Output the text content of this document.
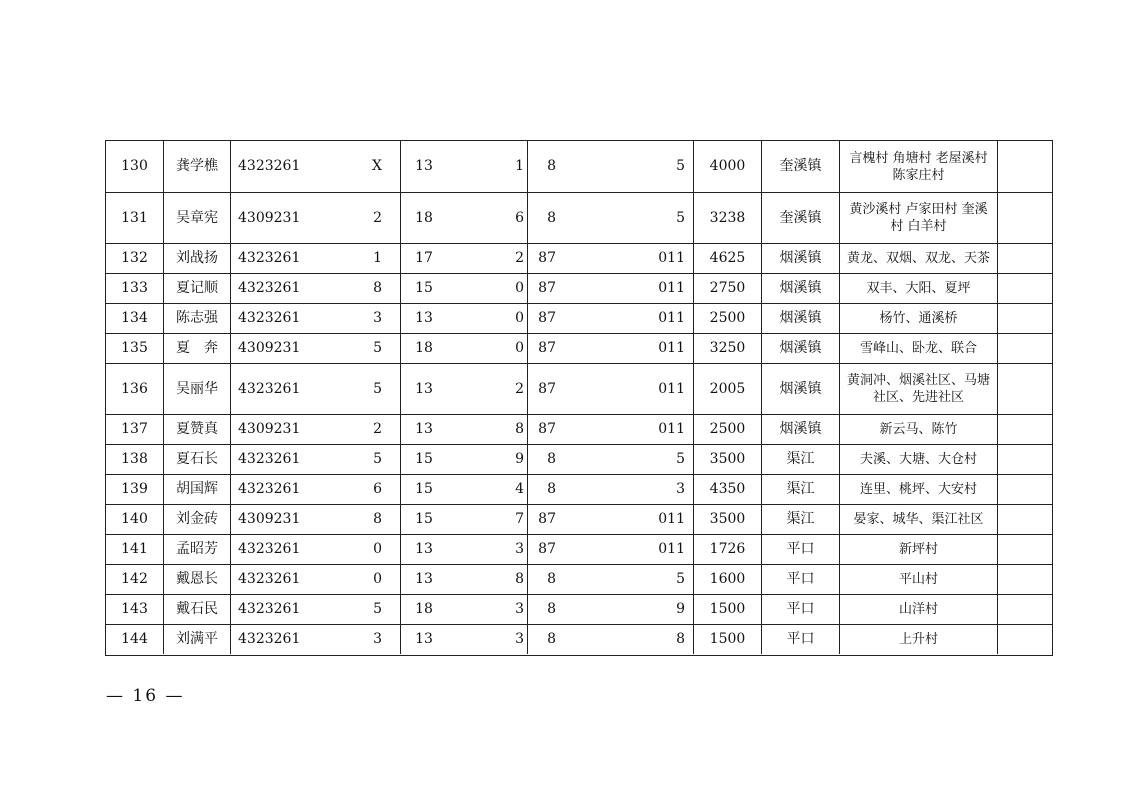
130	龚学樵	4323261	X	13	1	8	5	4000	奎溪镇	言槐村 角塘村 老屋溪村 陈家庄村
131	吴章宪	4309231	2	18	6	8	5	3238	奎溪镇	黄沙溪村 卢家田村 奎溪村 白羊村
132	刘战扬	4323261	1	17	2	87	011	4625	烟溪镇	黄龙、双烟、双龙、天茶
133	夏记顺	4323261	8	15	0	87	011	2750	烟溪镇	双丰、大阳、夏坪
134	陈志强	4323261	3	13	0	87	011	2500	烟溪镇	杨竹、通溪桥
135	夏　奔	4309231	5	18	0	87	011	3250	烟溪镇	雪峰山、卧龙、联合
136	吴丽华	4323261	5	13	2	87	011	2005	烟溪镇	黄洞冲、烟溪社区、马塘社区、先进社区
137	夏赞真	4309231	2	13	8	87	011	2500	烟溪镇	新云马、陈竹
138	夏石长	4323261	5	15	9	8	5	3500	渠江	夫溪、大塘、大仓村
139	胡国辉	4323261	6	15	4	8	3	4350	渠江	连里、桃坪、大安村
140	刘金砖	4309231	8	15	7	87	011	3500	渠江	晏家、城华、渠江社区
141	孟昭芳	4323261	0	13	3	87	011	1726	平口	新坪村
142	戴恩长	4323261	0	13	8	8	5	1600	平口	平山村
143	戴石民	4323261	5	18	3	8	9	1500	平口	山洋村
144	刘满平	4323261	3	13	3	8	8	1500	平口	上升村
— 16 —
